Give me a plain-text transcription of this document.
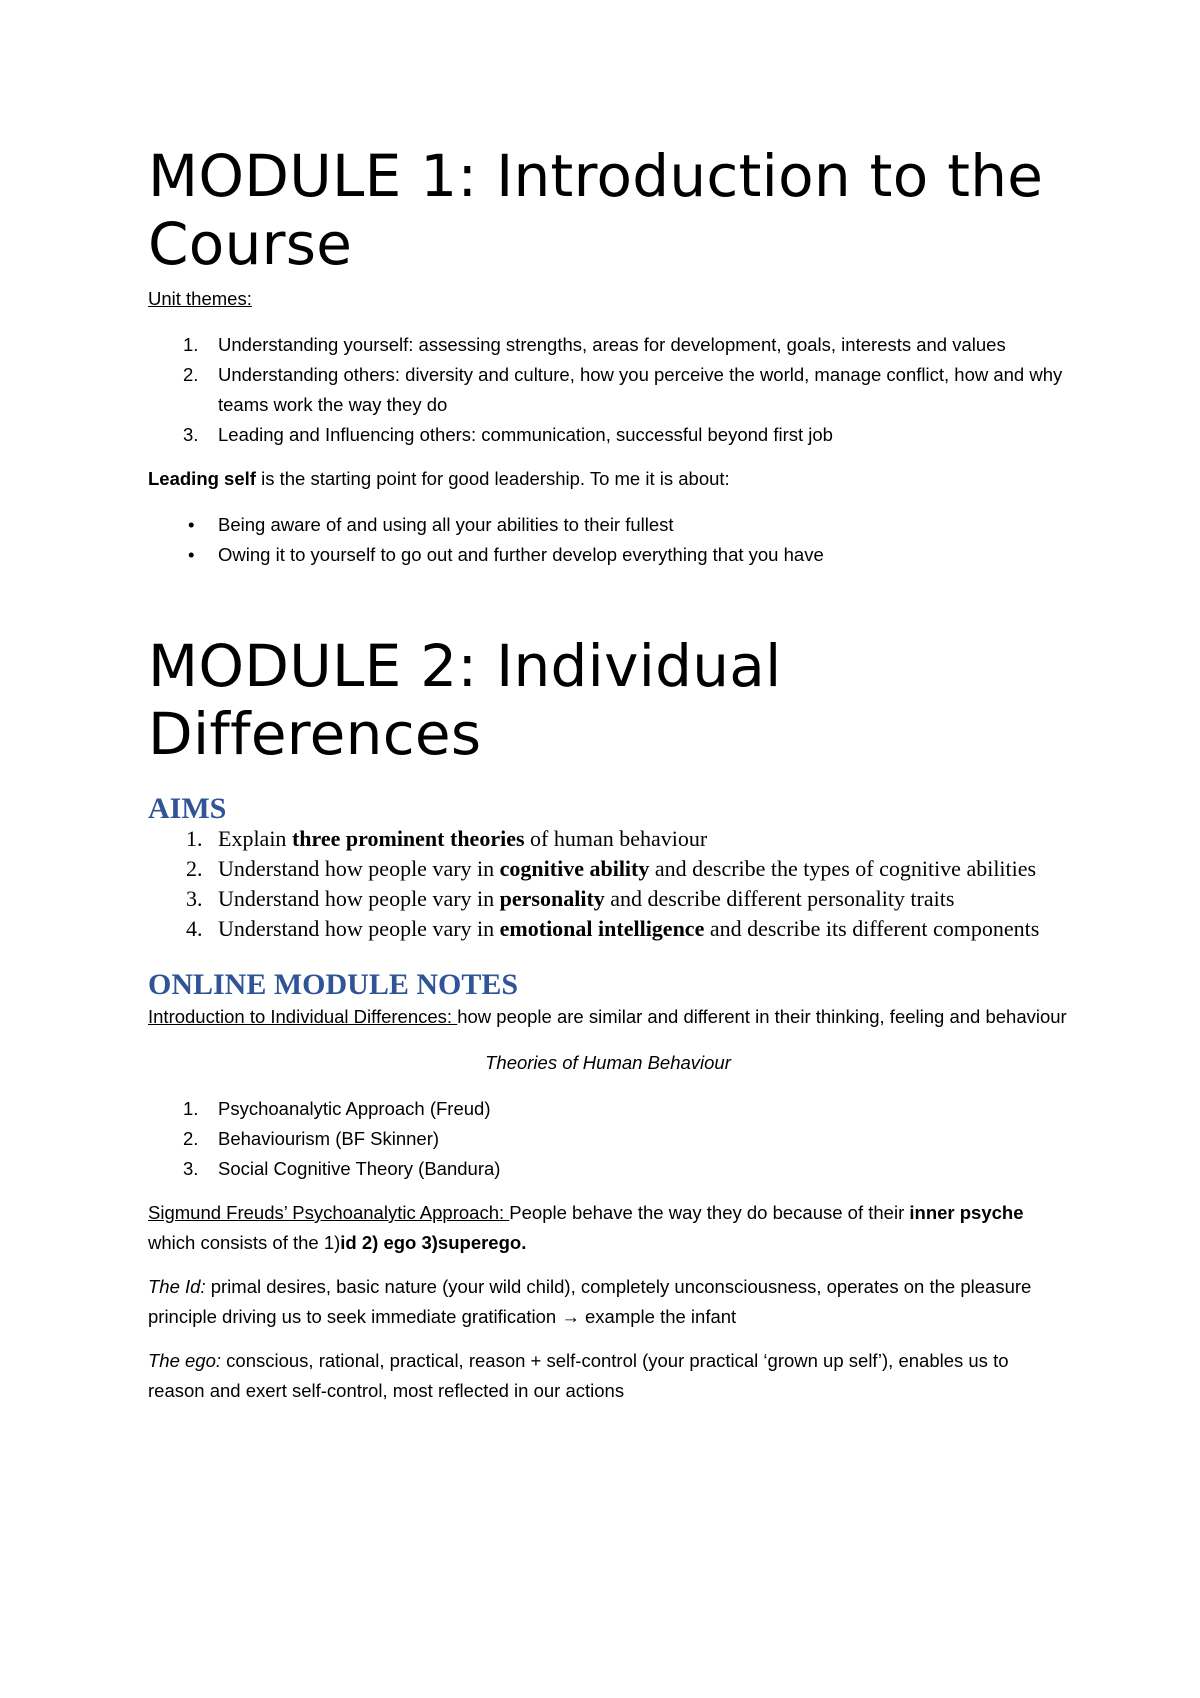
MODULE 1: Introduction to the
Course

Unit themes:

1. Understanding yourself: assessing strengths, areas for development, goals, interests and values
2. Understanding others: diversity and culture, how you perceive the world, manage conflict, how and why teams work the way they do
3. Leading and Influencing others: communication, successful beyond first job

Leading self is the starting point for good leadership. To me it is about:

• Being aware of and using all your abilities to their fullest
• Owing it to yourself to go out and further develop everything that you have
MODULE 2: Individual
Differences
AIMS
1. Explain three prominent theories of human behaviour
2. Understand how people vary in cognitive ability and describe the types of cognitive abilities
3. Understand how people vary in personality and describe different personality traits
4. Understand how people vary in emotional intelligence and describe its different components
ONLINE MODULE NOTES

Introduction to Individual Differences: how people are similar and different in their thinking, feeling and behaviour

Theories of Human Behaviour

1. Psychoanalytic Approach (Freud)
2. Behaviourism (BF Skinner)
3. Social Cognitive Theory (Bandura)

Sigmund Freuds’ Psychoanalytic Approach: People behave the way they do because of their inner psyche which consists of the 1)id 2) ego 3)superego.

The Id: primal desires, basic nature (your wild child), completely unconsciousness, operates on the pleasure principle driving us to seek immediate gratification → example the infant

The ego: conscious, rational, practical, reason + self-control (your practical ‘grown up self’), enables us to reason and exert self-control, most reflected in our actions
